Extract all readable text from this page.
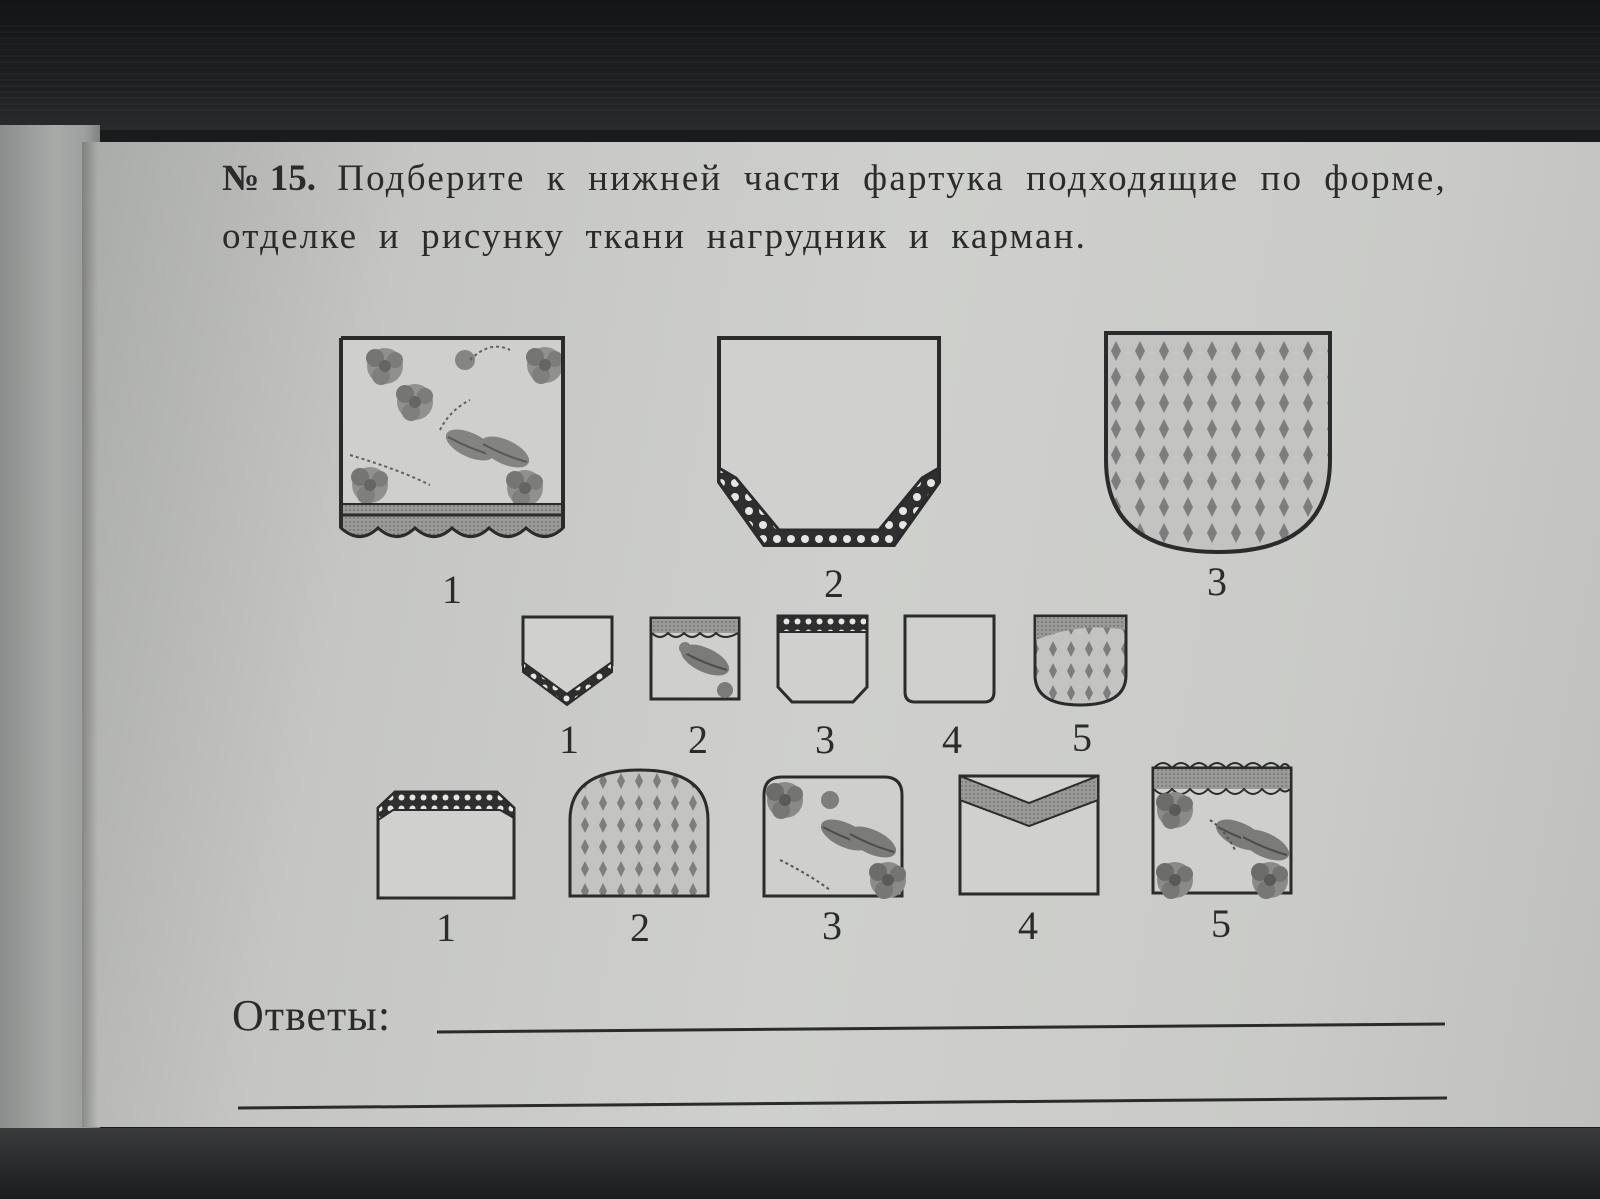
№ 15. Подберите к нижней части фартука подходящие по форме, отделке и рисунку ткани нагрудник и карман.
1	2	3
1	2	3	4	5
1	2	3	4	5
Ответы:
